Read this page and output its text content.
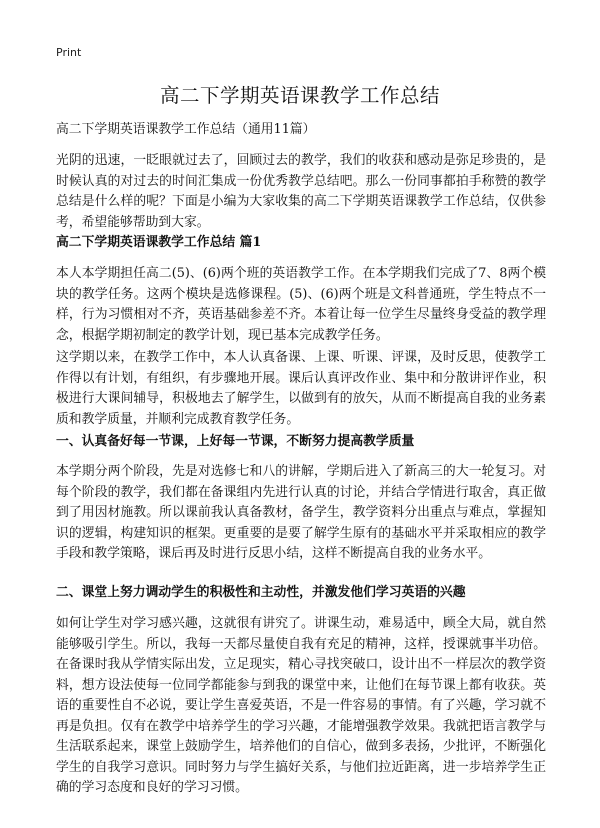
Print
高二下学期英语课教学工作总结

高二下学期英语课教学工作总结（通用11篇）

光阴的迅速，一眨眼就过去了，回顾过去的教学，我们的收获和感动是弥足珍贵的，是时候认真的对过去的时间汇集成一份优秀教学总结吧。那么一份同事都拍手称赞的教学总结是什么样的呢？下面是小编为大家收集的高二下学期英语课教学工作总结，仅供参考，希望能够帮助到大家。

高二下学期英语课教学工作总结 篇1

本人本学期担任高二(5)、(6)两个班的英语教学工作。在本学期我们完成了7、8两个模块的教学任务。这两个模块是选修课程。(5)、(6)两个班是文科普通班，学生特点不一样，行为习惯相对不齐，英语基础参差不齐。本着让每一位学生尽量终身受益的教学理念，根据学期初制定的教学计划，现已基本完成教学任务。

这学期以来，在教学工作中，本人认真备课、上课、听课、评课，及时反思，使教学工作得以有计划，有组织，有步骤地开展。课后认真评改作业、集中和分散讲评作业，积极进行大课间辅导，积极地去了解学生，以做到有的放矢，从而不断提高自我的业务素质和教学质量，并顺利完成教育教学任务。

一、认真备好每一节课，上好每一节课，不断努力提高教学质量

本学期分两个阶段，先是对选修七和八的讲解，学期后进入了新高三的大一轮复习。对每个阶段的教学，我们都在备课组内先进行认真的讨论，并结合学情进行取舍，真正做到了用因材施教。所以课前我认真备教材，备学生，教学资料分出重点与难点，掌握知识的逻辑，构建知识的框架。更重要的是要了解学生原有的基础水平并采取相应的教学手段和教学策略，课后再及时进行反思小结，这样不断提高自我的业务水平。

二、课堂上努力调动学生的积极性和主动性，并激发他们学习英语的兴趣

如何让学生对学习感兴趣，这就很有讲究了。讲课生动，难易适中，顾全大局，就自然能够吸引学生。所以，我每一天都尽量使自我有充足的精神，这样，授课就事半功倍。在备课时我从学情实际出发，立足现实，精心寻找突破口，设计出不一样层次的教学资料，想方设法使每一位同学都能参与到我的课堂中来，让他们在每节课上都有收获。英语的重要性自不必说，要让学生喜爱英语，不是一件容易的事情。有了兴趣，学习就不再是负担。仅有在教学中培养学生的学习兴趣，才能增强教学效果。我就把语言教学与生活联系起来，课堂上鼓励学生，培养他们的自信心，做到多表扬，少批评，不断强化学生的自我学习意识。同时努力与学生搞好关系，与他们拉近距离，进一步培养学生正确的学习态度和良好的学习习惯。
